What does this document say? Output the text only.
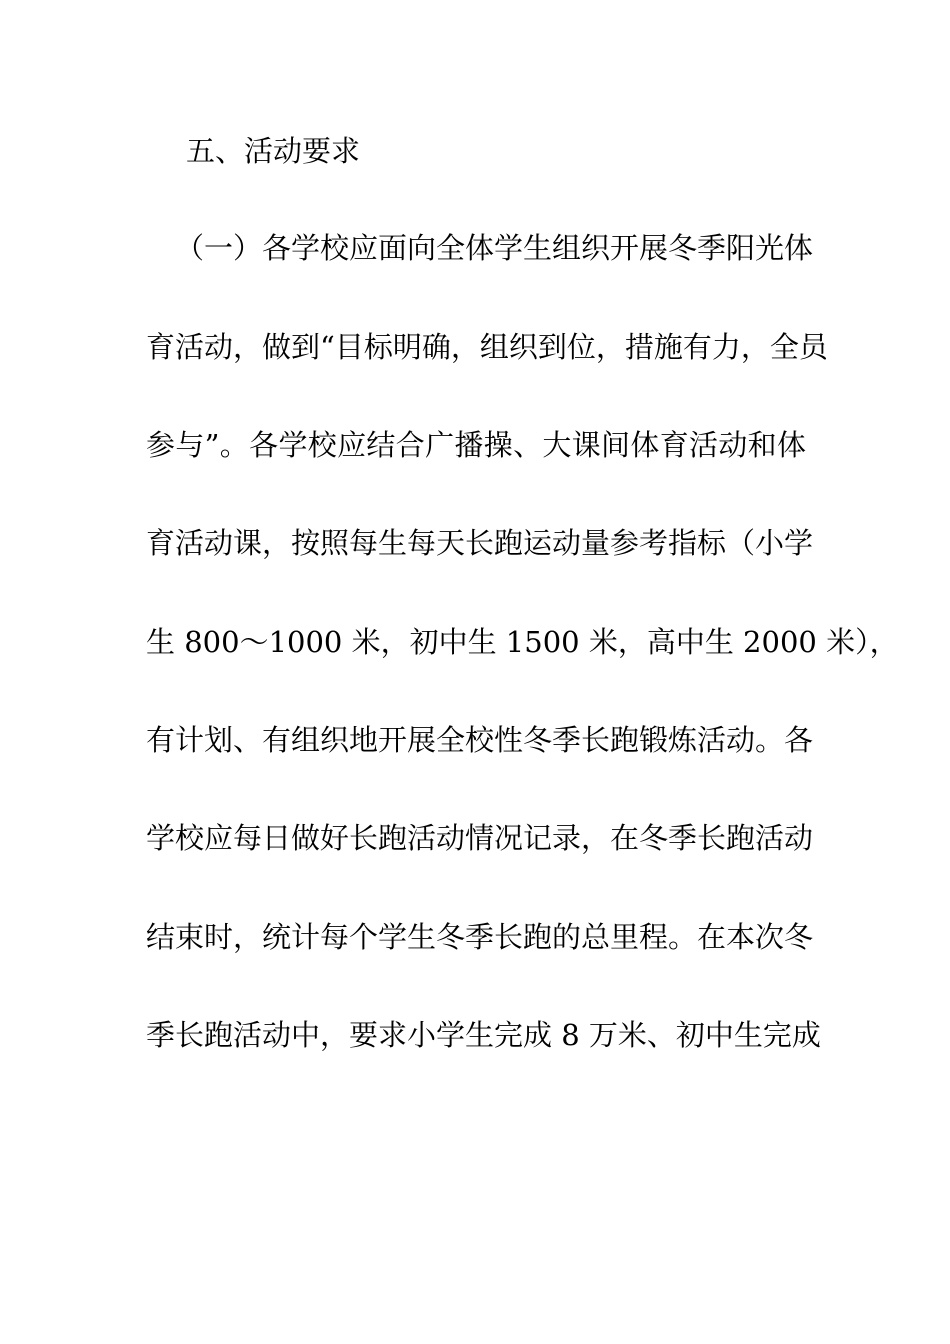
五、活动要求
（一）各学校应面向全体学生组织开展冬季阳光体
育活动，做到“目标明确，组织到位，措施有力，全员
参与”。各学校应结合广播操、大课间体育活动和体
育活动课，按照每生每天长跑运动量参考指标（小学
生 800～1000 米，初中生 1500 米，高中生 2000 米），
有计划、有组织地开展全校性冬季长跑锻炼活动。各
学校应每日做好长跑活动情况记录，在冬季长跑活动
结束时，统计每个学生冬季长跑的总里程。在本次冬
季长跑活动中，要求小学生完成 8 万米、初中生完成
